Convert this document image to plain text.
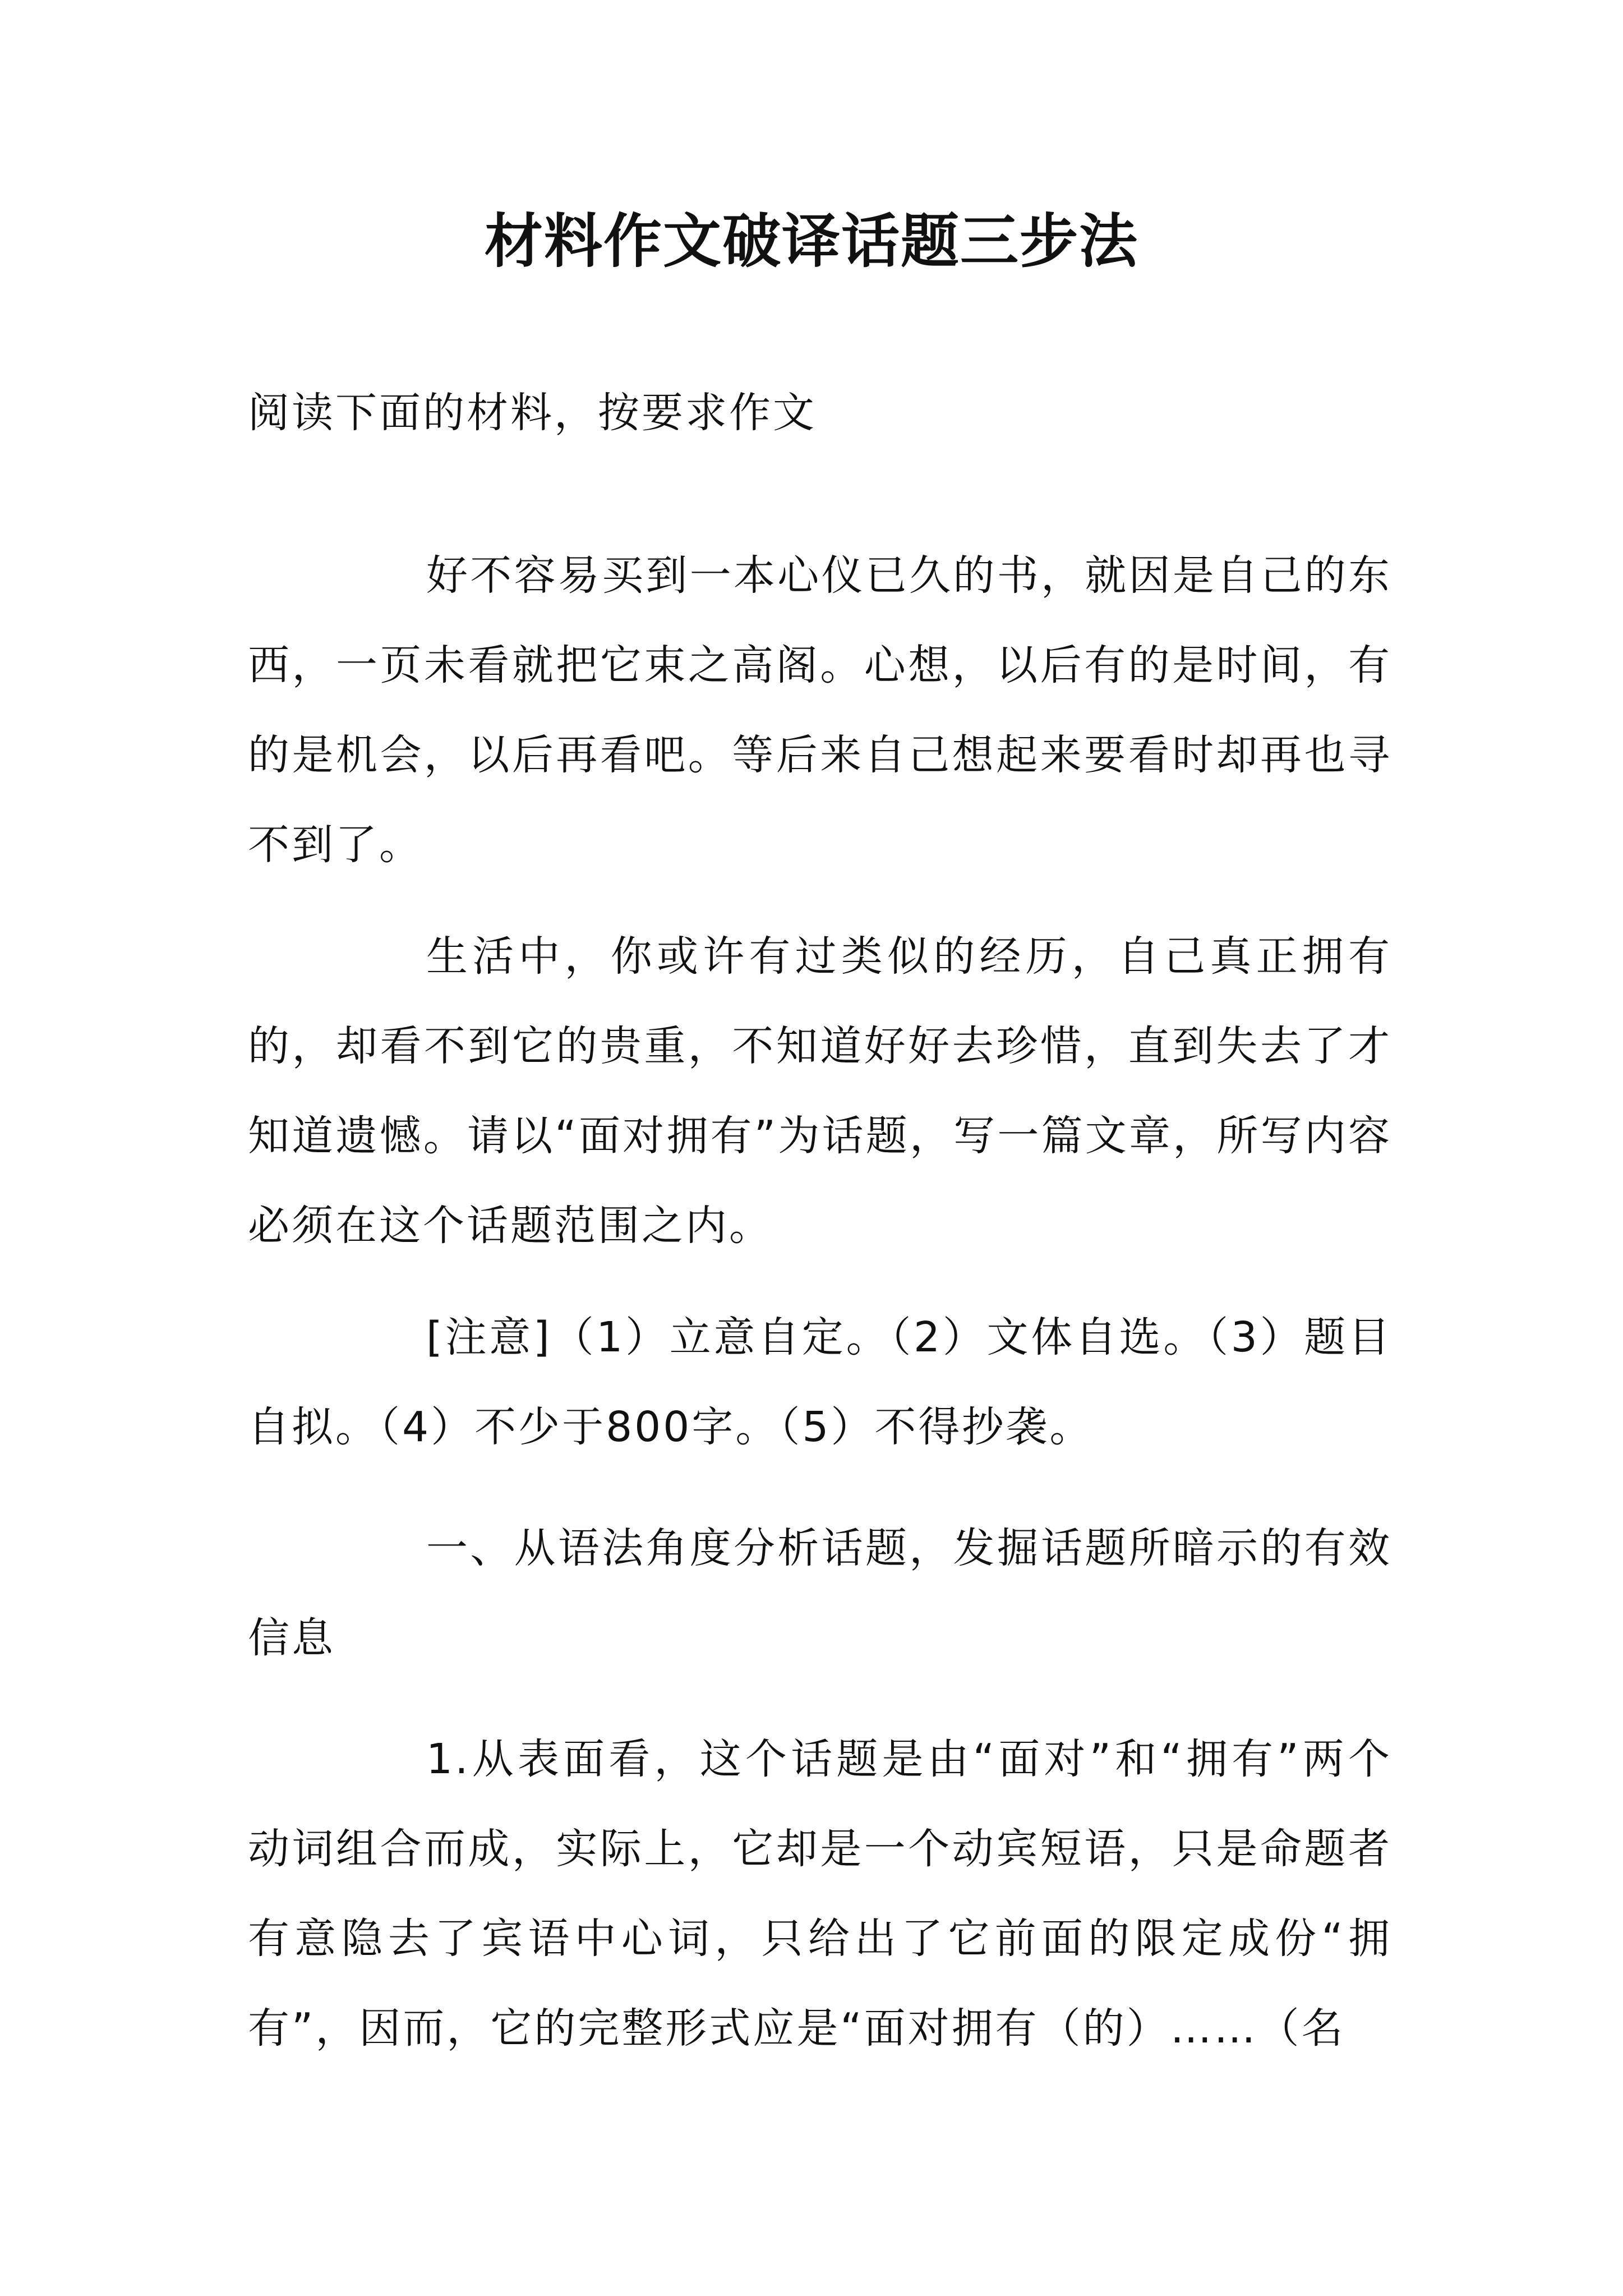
材料作文破译话题三步法

阅读下面的材料，按要求作文

好不容易买到一本心仪已久的书，就因是自己的东西，一页未看就把它束之高阁。心想，以后有的是时间，有的是机会，以后再看吧。等后来自己想起来要看时却再也寻不到了。

生活中，你或许有过类似的经历，自己真正拥有的，却看不到它的贵重，不知道好好去珍惜，直到失去了才知道遗憾。请以“面对拥有”为话题，写一篇文章，所写内容必须在这个话题范围之内。

[注意]（1）立意自定。（2）文体自选。（3）题目自拟。（4）不少于800字。（5）不得抄袭。

一、从语法角度分析话题，发掘话题所暗示的有效信息

1.从表面看，这个话题是由“面对”和“拥有”两个动词组合而成，实际上，它却是一个动宾短语，只是命题者有意隐去了宾语中心词，只给出了它前面的限定成份“拥有”，因而，它的完整形式应是“面对拥有（的）……（名
